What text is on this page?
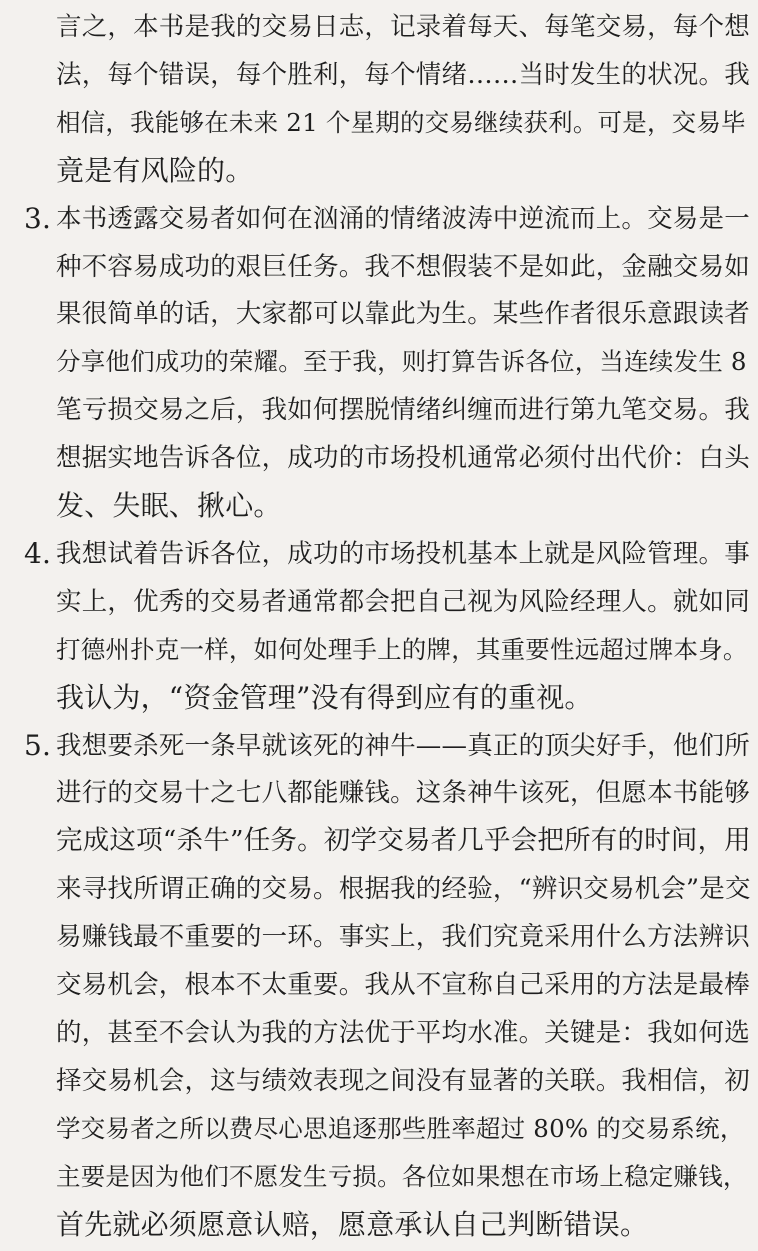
言之，本书是我的交易日志，记录着每天、每笔交易，每个想
法，每个错误，每个胜利，每个情绪……当时发生的状况。我
相信，我能够在未来 21 个星期的交易继续获利。可是，交易毕
竟是有风险的。
3. 本书透露交易者如何在汹涌的情绪波涛中逆流而上。交易是一
种不容易成功的艰巨任务。我不想假装不是如此，金融交易如
果很简单的话，大家都可以靠此为生。某些作者很乐意跟读者
分享他们成功的荣耀。至于我，则打算告诉各位，当连续发生 8
笔亏损交易之后，我如何摆脱情绪纠缠而进行第九笔交易。我
想据实地告诉各位，成功的市场投机通常必须付出代价：白头
发、失眠、揪心。
4. 我想试着告诉各位，成功的市场投机基本上就是风险管理。事
实上，优秀的交易者通常都会把自己视为风险经理人。就如同
打德州扑克一样，如何处理手上的牌，其重要性远超过牌本身。
我认为，“资金管理”没有得到应有的重视。
5. 我想要杀死一条早就该死的神牛——真正的顶尖好手，他们所
进行的交易十之七八都能赚钱。这条神牛该死，但愿本书能够
完成这项“杀牛”任务。初学交易者几乎会把所有的时间，用
来寻找所谓正确的交易。根据我的经验，“辨识交易机会”是交
易赚钱最不重要的一环。事实上，我们究竟采用什么方法辨识
交易机会，根本不太重要。我从不宣称自己采用的方法是最棒
的，甚至不会认为我的方法优于平均水准。关键是：我如何选
择交易机会，这与绩效表现之间没有显著的关联。我相信，初
学交易者之所以费尽心思追逐那些胜率超过 80% 的交易系统，
主要是因为他们不愿发生亏损。各位如果想在市场上稳定赚钱，
首先就必须愿意认赔，愿意承认自己判断错误。
